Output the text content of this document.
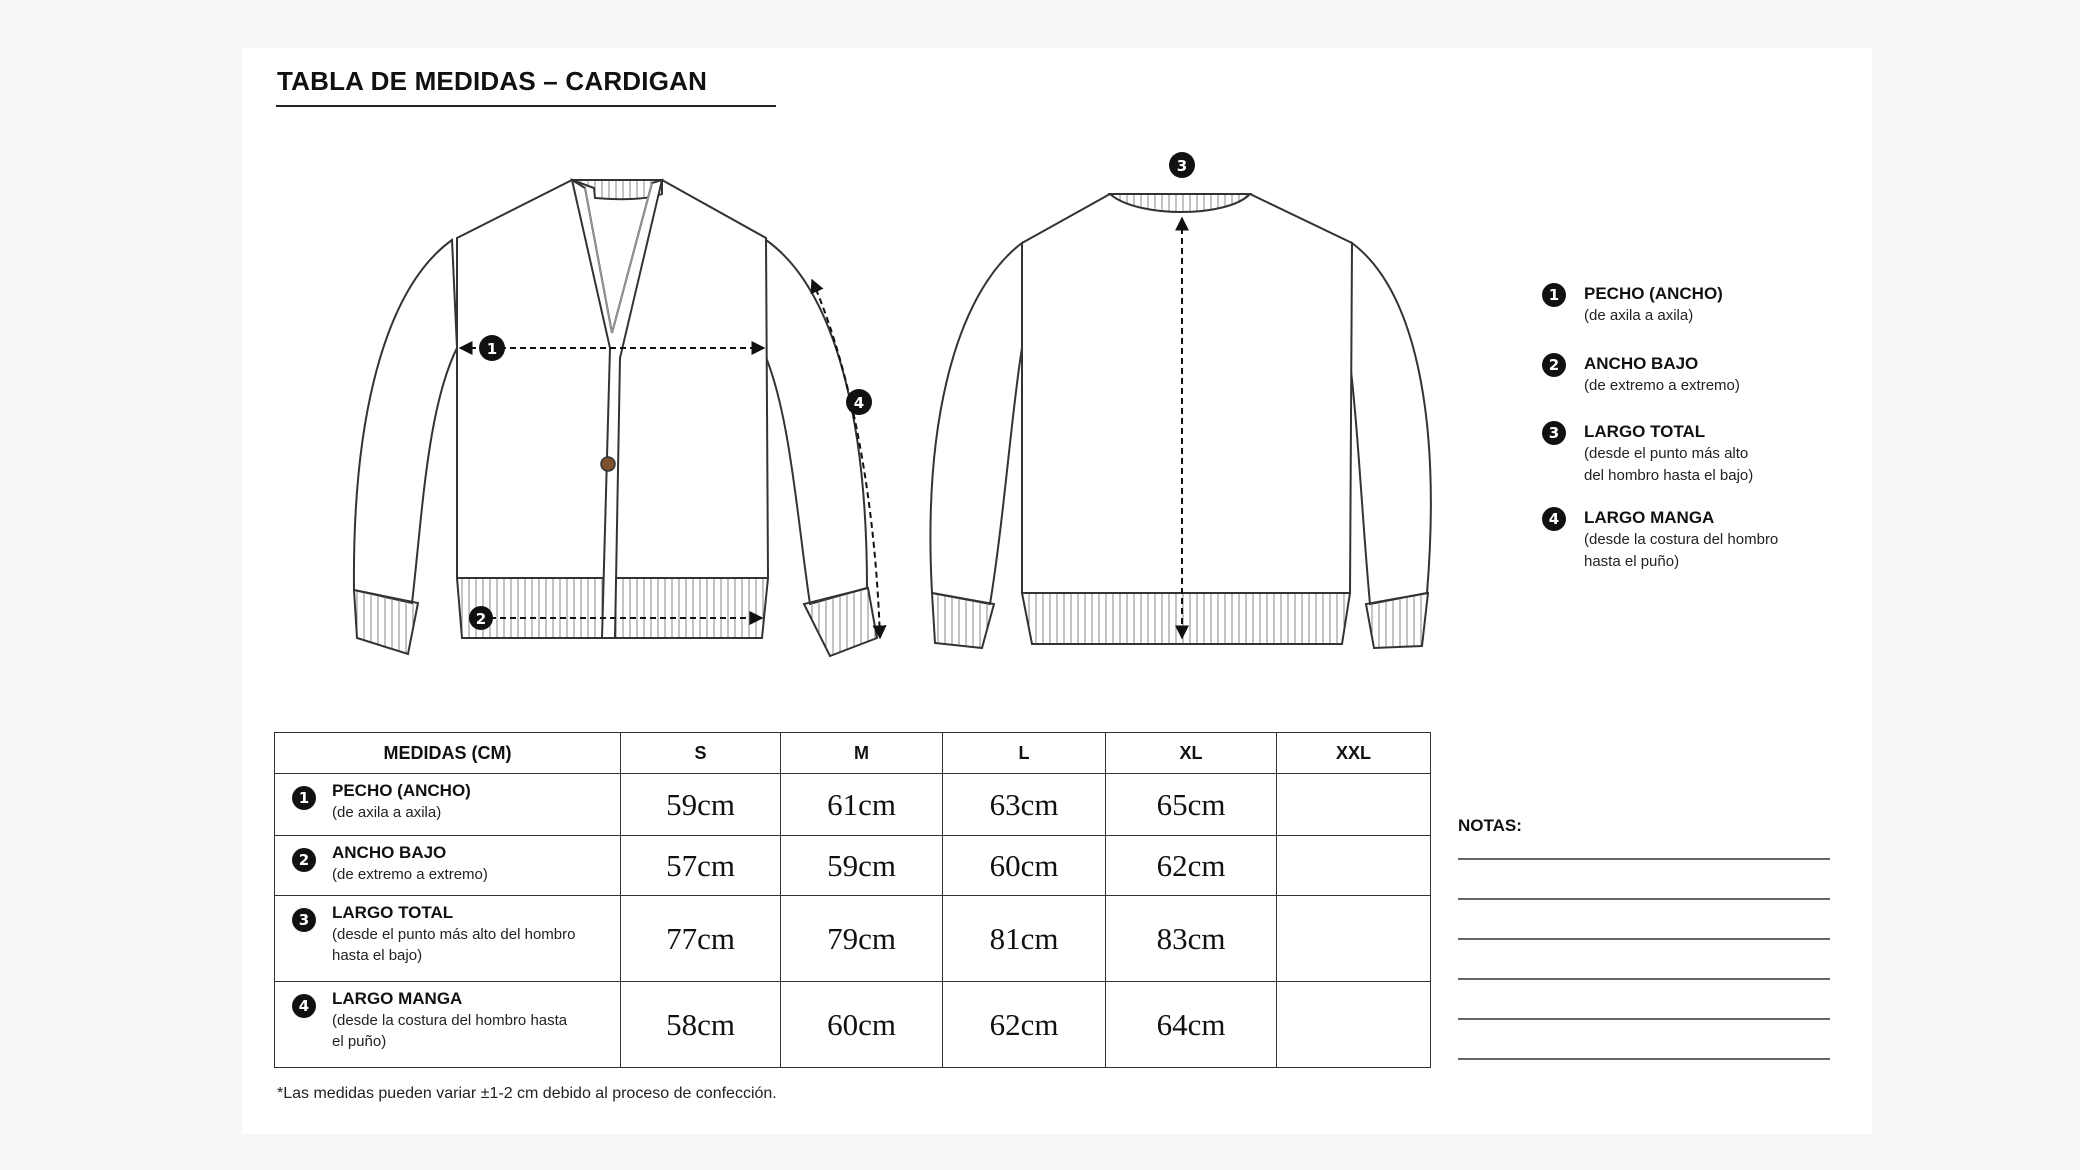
TABLA DE MEDIDAS – CARDIGAN
1
2
4
3
1	PECHO (ANCHO)
(de axila a axila)
2	ANCHO BAJO
(de extremo a extremo)
3	LARGO TOTAL
(desde el punto más alto
del hombro hasta el bajo)
4	LARGO MANGA
(desde la costura del hombro
hasta el puño)
MEDIDAS (CM)	S	M	L	XL	XXL

1 PECHO (ANCHO)
(de axila a axila)	59cm	61cm	63cm	65cm	

2 ANCHO BAJO
(de extremo a extremo)	57cm	59cm	60cm	62cm	

3 LARGO TOTAL
(desde el punto más alto del hombro
hasta el bajo)	77cm	79cm	81cm	83cm	

4 LARGO MANGA
(desde la costura del hombro hasta
el puño)	58cm	60cm	62cm	64cm	
*Las medidas pueden variar ±1-2 cm debido al proceso de confección.
NOTAS:
